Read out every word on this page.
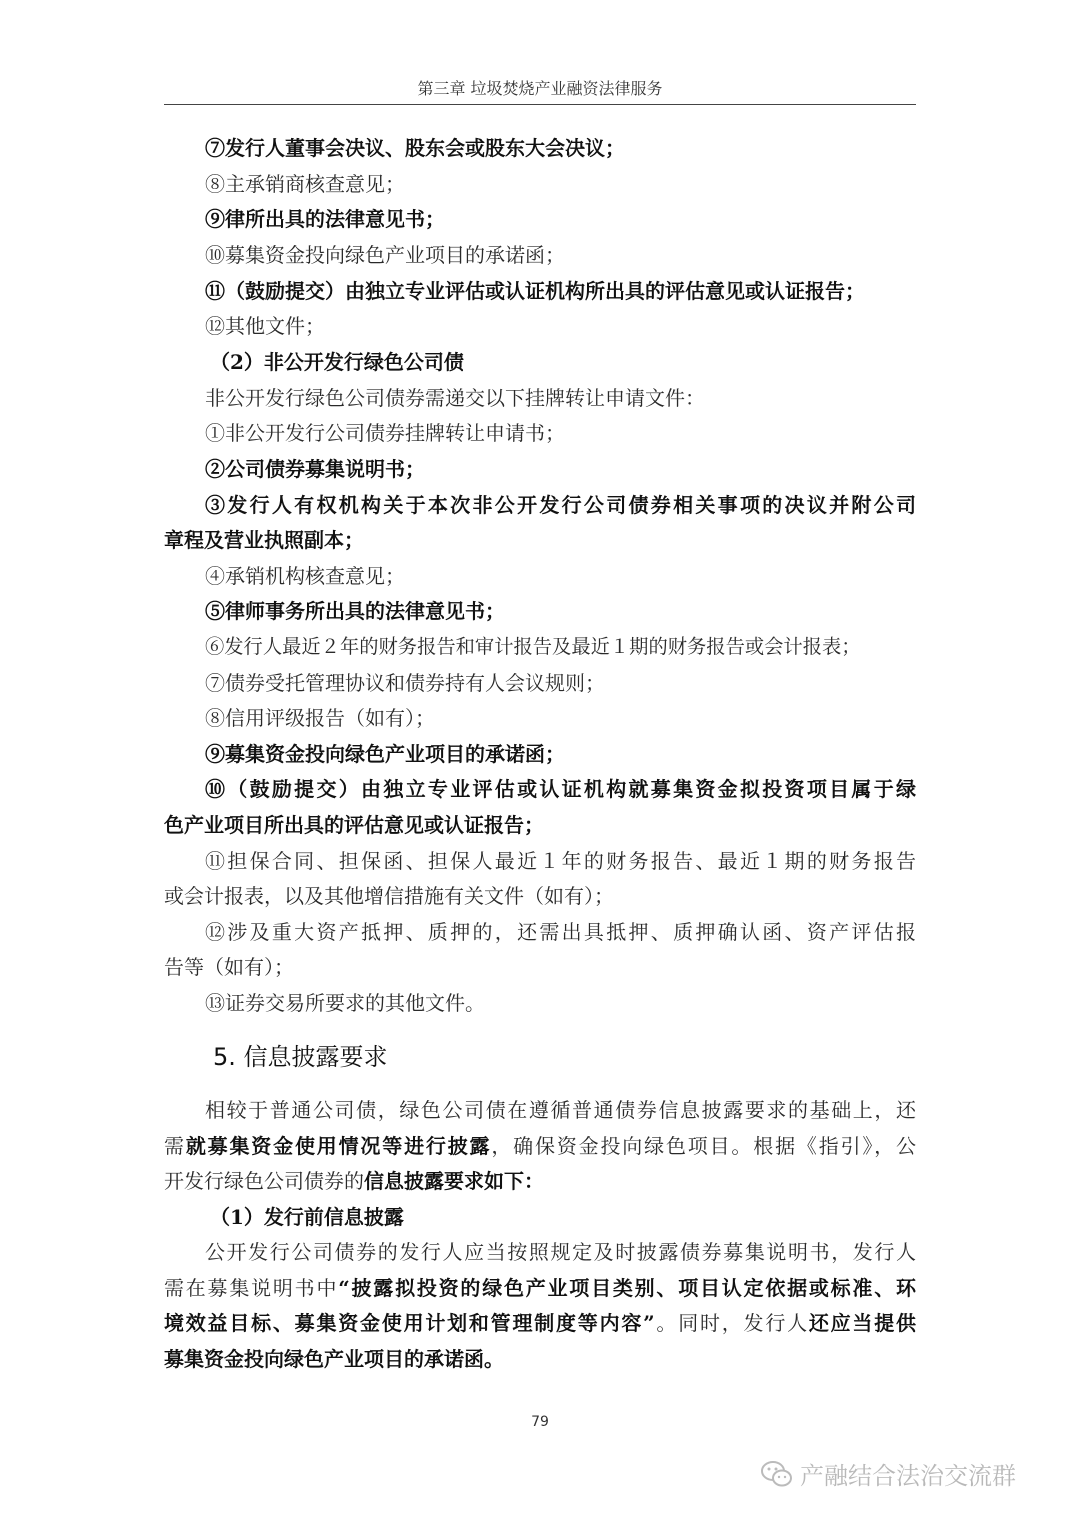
第三章 垃圾焚烧产业融资法律服务
⑦发行人董事会决议、股东会或股东大会决议；
⑧主承销商核查意见；
⑨律所出具的法律意见书；
⑩募集资金投向绿色产业项目的承诺函；
⑪（鼓励提交）由独立专业评估或认证机构所出具的评估意见或认证报告；
⑫其他文件；
（2）非公开发行绿色公司债
非公开发行绿色公司债券需递交以下挂牌转让申请文件：
①非公开发行公司债券挂牌转让申请书；
②公司债券募集说明书；
③发行人有权机构关于本次非公开发行公司债券相关事项的决议并附公司
章程及营业执照副本；
④承销机构核查意见；
⑤律师事务所出具的法律意见书；
⑥发行人最近２年的财务报告和审计报告及最近１期的财务报告或会计报表；
⑦债券受托管理协议和债券持有人会议规则；
⑧信用评级报告（如有）；
⑨募集资金投向绿色产业项目的承诺函；
⑩（鼓励提交）由独立专业评估或认证机构就募集资金拟投资项目属于绿
色产业项目所出具的评估意见或认证报告；
⑪担保合同、担保函、担保人最近１年的财务报告、最近１期的财务报告
或会计报表，以及其他增信措施有关文件（如有）；
⑫涉及重大资产抵押、质押的，还需出具抵押、质押确认函、资产评估报
告等（如有）；
⑬证券交易所要求的其他文件。
5. 信息披露要求
相较于普通公司债，绿色公司债在遵循普通债券信息披露要求的基础上，还
需就募集资金使用情况等进行披露，确保资金投向绿色项目。根据《指引》，公
开发行绿色公司债券的信息披露要求如下：
（1）发行前信息披露
公开发行公司债券的发行人应当按照规定及时披露债券募集说明书，发行人
需在募集说明书中“披露拟投资的绿色产业项目类别、项目认定依据或标准、环
境效益目标、募集资金使用计划和管理制度等内容”。同时，发行人还应当提供
募集资金投向绿色产业项目的承诺函。
79
产融结合法治交流群
